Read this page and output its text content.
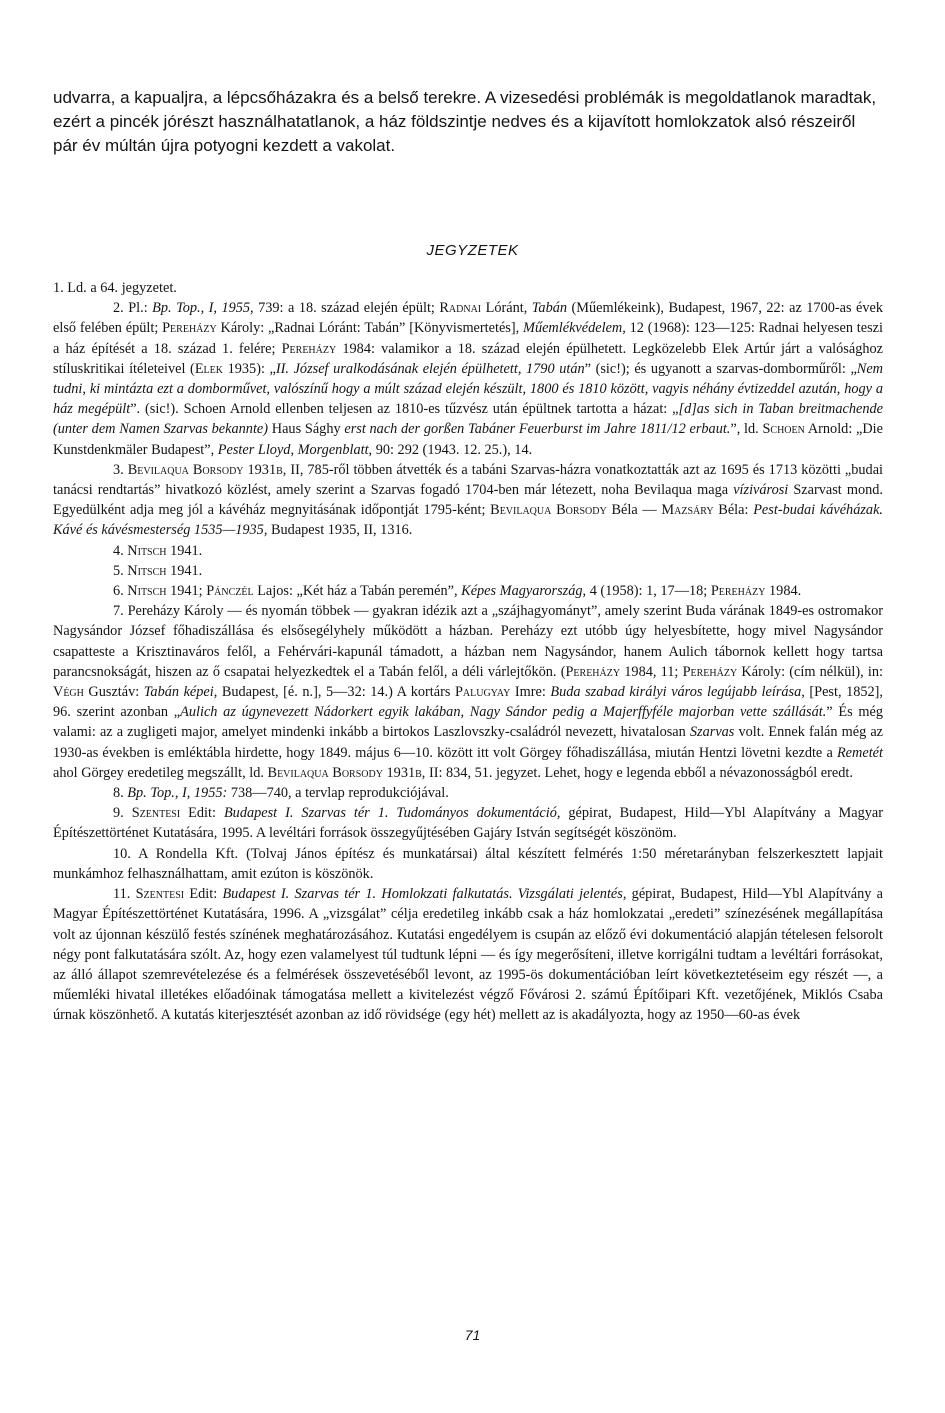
udvarra, a kapualjra, a lépcsőházakra és a belső terekre. A vizesedési problémák is megoldatlanok maradtak, ezért a pincék jórészt használhatatlanok, a ház földszintje nedves és a kijavított homlokzatok alsó részeiről pár év múltán újra potyogni kezdett a vakolat.

JEGYZETEK

1. Ld. a 64. jegyzetet.

2. Pl.: Bp. Top., I, 1955, 739: a 18. század elején épült; Radnai Lóránt, Tabán (Műemlékeink), Budapest, 1967, 22: az 1700-as évek első felében épült; Pereházy Károly: „Radnai Lóránt: Tabán” [Könyvismertetés], Műemlékvédelem, 12 (1968): 123—125: Radnai helyesen teszi a ház építését a 18. század 1. felére; Pereházy 1984: valamikor a 18. század elején épülhetett. Legközelebb Elek Artúr járt a valósághoz stíluskritikai ítéleteivel (Elek 1935): „II. József uralkodásának elején épülhetett, 1790 után” (sic!); és ugyanott a szarvas-domborműről: „Nem tudni, ki mintázta ezt a domborművet, valószínű hogy a múlt század elején készült, 1800 és 1810 között, vagyis néhány évtizeddel azután, hogy a ház megépült”. (sic!). Schoen Arnold ellenben teljesen az 1810-es tűzvész után épültnek tartotta a házat: „[d]as sich in Taban breitmachende (unter dem Namen Szarvas bekannte) Haus Sághy erst nach der gorßen Tabáner Feuerburst im Jahre 1811/12 erbaut.”, ld. Schoen Arnold: „Die Kunstdenkmäler Budapest”, Pester Lloyd, Morgenblatt, 90: 292 (1943. 12. 25.), 14.

3. Bevilaqua Borsody 1931b, II, 785-ről többen átvették és a tabáni Szarvas-házra vonatkoztatták azt az 1695 és 1713 közötti „budai tanácsi rendtartás” hivatkozó közlést, amely szerint a Szarvas fogadó 1704-ben már létezett, noha Bevilaqua maga vízivárosi Szarvast mond. Egyedülként adja meg jól a kávéház megnyitásának időpontját 1795-ként; Bevilaqua Borsody Béla — Mazsáry Béla: Pest-budai kávéházak. Kávé és kávésmesterség 1535—1935, Budapest 1935, II, 1316.

4. Nitsch 1941.

5. Nitsch 1941.

6. Nitsch 1941; Pánczél Lajos: „Két ház a Tabán peremén”, Képes Magyarország, 4 (1958): 1, 17—18; Pereházy 1984.

7. Pereházy Károly — és nyomán többek — gyakran idézik azt a „szájhagyományt”, amely szerint Buda várának 1849-es ostromakor Nagysándor József főhadiszállása és elsősegélyhely működött a házban. Pereházy ezt utóbb úgy helyesbítette, hogy mivel Nagysándor csapatteste a Krisztinaváros felől, a Fehérvári-kapunál támadott, a házban nem Nagysándor, hanem Aulich tábornok kellett hogy tartsa parancsnokságát, hiszen az ő csapatai helyezkedtek el a Tabán felől, a déli várlejtőkön. (Pereházy 1984, 11; Pereházy Károly: (cím nélkül), in: Végh Gusztáv: Tabán képei, Budapest, [é. n.], 5—32: 14.) A kortárs Palugyay Imre: Buda szabad királyi város legújabb leírása, [Pest, 1852], 96. szerint azonban „Aulich az úgynevezett Nádorkert egyik lakában, Nagy Sándor pedig a Majerffyféle majorban vette szállását.” És még valami: az a zugligeti major, amelyet mindenki inkább a birtokos Laszlovszky-családról nevezett, hivatalosan Szarvas volt. Ennek falán még az 1930-as években is emléktábla hirdette, hogy 1849. május 6—10. között itt volt Görgey főhadiszállása, miután Hentzi lövetni kezdte a Remetét ahol Görgey eredetileg megszállt, ld. Bevilaqua Borsody 1931b, II: 834, 51. jegyzet. Lehet, hogy e legenda ebből a névazonosságból eredt.

8. Bp. Top., I, 1955: 738—740, a tervlap reprodukciójával.

9. Szentesi Edit: Budapest I. Szarvas tér 1. Tudományos dokumentáció, gépirat, Budapest, Hild—Ybl Alapítvány a Magyar Építészettörténet Kutatására, 1995. A levéltári források összegyűjtésében Gajáry István segítségét köszönöm.

10. A Rondella Kft. (Tolvaj János építész és munkatársai) által készített felmérés 1:50 méretarányban felszerkesztett lapjait munkámhoz felhasználhattam, amit ezúton is köszönök.

11. Szentesi Edit: Budapest I. Szarvas tér 1. Homlokzati falkutatás. Vizsgálati jelentés, gépirat, Budapest, Hild—Ybl Alapítvány a Magyar Építészettörténet Kutatására, 1996. A „vizsgálat” célja eredetileg inkább csak a ház homlokzatai „eredeti” színezésének megállapítása volt az újonnan készülő festés színének meghatározásához. Kutatási engedélyem is csupán az előző évi dokumentáció alapján tételesen felsorolt négy pont falkutatására szólt. Az, hogy ezen valamelyest túl tudtunk lépni — és így megerősíteni, illetve korrigálni tudtam a levéltári forrásokat, az álló állapot szemrevételezése és a felmérések összevetéséből levont, az 1995-ös dokumentációban leírt következtetéseim egy részét —, a műemléki hivatal illetékes előadóinak támogatása mellett a kivitelezést végző Fővárosi 2. számú Építőipari Kft. vezetőjének, Miklós Csaba úrnak köszönhető. A kutatás kiterjesztését azonban az idő rövidsége (egy hét) mellett az is akadályozta, hogy az 1950—60-as évek

71
